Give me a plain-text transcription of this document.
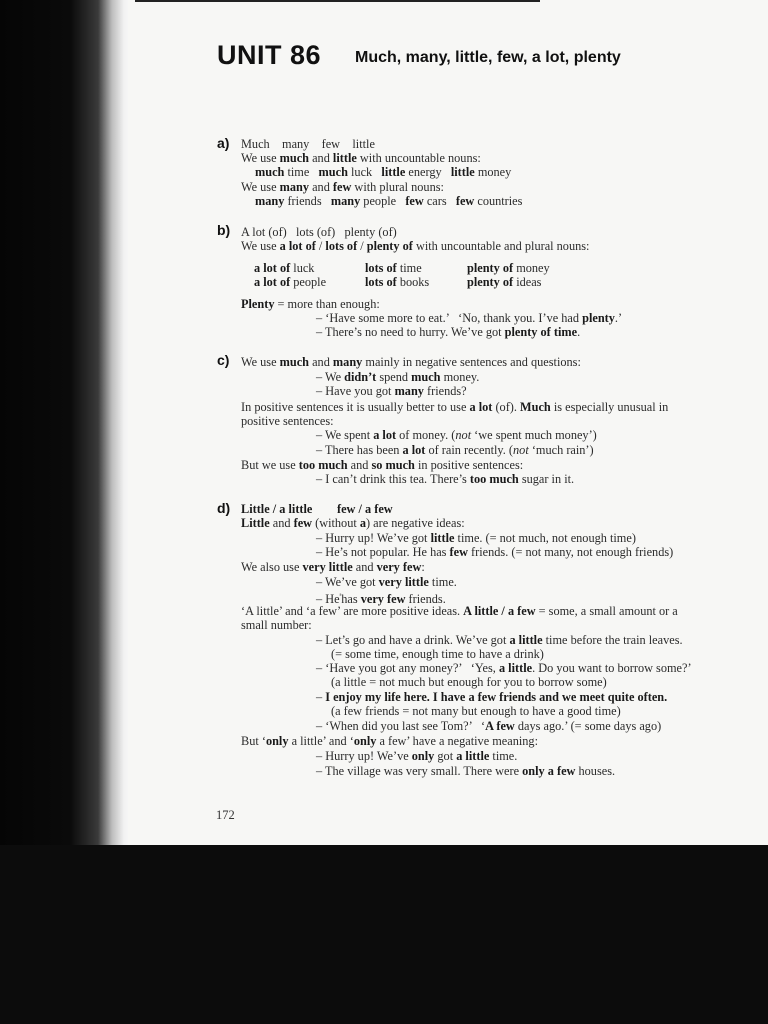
UNIT 86 Much, many, little, few, a lot, plenty
a) Much many few little
We use much and little with uncountable nouns:
much time   much luck   little energy   little money
We use many and few with plural nouns:
many friends   many people   few cars   few countries
b) A lot (of) lots (of) plenty (of)
We use a lot of / lots of / plenty of with uncountable and plural nouns:
a lot of luck	lots of time	plenty of money
a lot of people	lots of books	plenty of ideas
Plenty = more than enough:
– ‘Have some more to eat.’   ‘No, thank you. I’ve had plenty.’
– There’s no need to hurry. We’ve got plenty of time.
c) We use much and many mainly in negative sentences and questions:
– We didn’t spend much money.
– Have you got many friends?
In positive sentences it is usually better to use a lot (of). Much is especially unusual in
positive sentences:
– We spent a lot of money. (not ‘we spent much money’)
– There has been a lot of rain recently. (not ‘much rain’)
But we use too much and so much in positive sentences:
– I can’t drink this tea. There’s too much sugar in it.
d) Little / a little few / a few
Little and few (without a) are negative ideas:
– Hurry up! We’ve got little time. (= not much, not enough time)
– He’s not popular. He has few friends. (= not many, not enough friends)
We also use very little and very few:
– We’ve got very little time.
– $He^ˢhas$ very few friends.
‘A little’ and ‘a few’ are more positive ideas. A little / a few = some, a small amount or a
small number:
– Let’s go and have a drink. We’ve got a little time before the train leaves.
(= some time, enough time to have a drink)
– ‘Have you got any money?’   ‘Yes, a little. Do you want to borrow some?’
(a little = not much but enough for you to borrow some)
– I enjoy my life here. I have a few friends and we meet quite often.
(a few friends = not many but enough to have a good time)
– ‘When did you last see Tom?’   ‘A few days ago.’ (= some days ago)
But ‘only a little’ and ‘only a few’ have a negative meaning:
– Hurry up! We’ve only got a little time.
– The village was very small. There were only a few houses.
172
